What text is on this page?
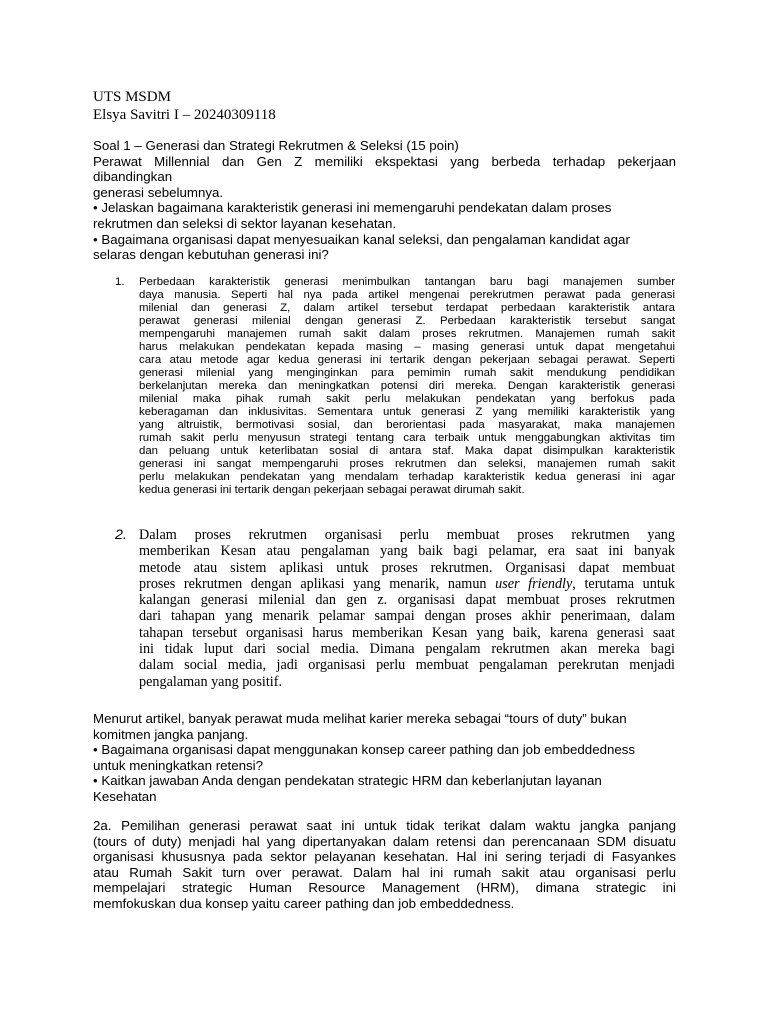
UTS MSDM
Elsya Savitri I – 20240309118
Soal 1 – Generasi dan Strategi Rekrutmen & Seleksi (15 poin)
Perawat Millennial dan Gen Z memiliki ekspektasi yang berbeda terhadap pekerjaan
dibandingkan
generasi sebelumnya.
• Jelaskan bagaimana karakteristik generasi ini memengaruhi pendekatan dalam proses
rekrutmen dan seleksi di sektor layanan kesehatan.
• Bagaimana organisasi dapat menyesuaikan kanal seleksi, dan pengalaman kandidat agar
selaras dengan kebutuhan generasi ini?
1. Perbedaan karakteristik generasi menimbulkan tantangan baru bagi manajemen sumber
daya manusia. Seperti hal nya pada artikel mengenai perekrutmen perawat pada generasi
milenial dan generasi Z, dalam artikel tersebut terdapat perbedaan karakteristik antara
perawat generasi milenial dengan generasi Z. Perbedaan karakteristik tersebut sangat
mempengaruhi manajemen rumah sakit dalam proses rekrutmen. Manajemen rumah sakit
harus melakukan pendekatan kepada masing – masing generasi untuk dapat mengetahui
cara atau metode agar kedua generasi ini tertarik dengan pekerjaan sebagai perawat. Seperti
generasi milenial yang menginginkan para pemimin rumah sakit mendukung pendidikan
berkelanjutan mereka dan meningkatkan potensi diri mereka. Dengan karakteristik generasi
milenial maka pihak rumah sakit perlu melakukan pendekatan yang berfokus pada
keberagaman dan inklusivitas. Sementara untuk generasi Z yang memiliki karakteristik yang
yang altruistik, bermotivasi sosial, dan berorientasi pada masyarakat, maka manajemen
rumah sakit perlu menyusun strategi tentang cara terbaik untuk menggabungkan aktivitas tim
dan peluang untuk keterlibatan sosial di antara staf. Maka dapat disimpulkan karakteristik
generasi ini sangat mempengaruhi proses rekrutmen dan seleksi, manajemen rumah sakit
perlu melakukan pendekatan yang mendalam terhadap karakteristik kedua generasi ini agar
kedua generasi ini tertarik dengan pekerjaan sebagai perawat dirumah sakit.
2. Dalam proses rekrutmen organisasi perlu membuat proses rekrutmen yang
memberikan Kesan atau pengalaman yang baik bagi pelamar, era saat ini banyak
metode atau sistem aplikasi untuk proses rekrutmen. Organisasi dapat membuat
proses rekrutmen dengan aplikasi yang menarik, namun user friendly, terutama untuk
kalangan generasi milenial dan gen z. organisasi dapat membuat proses rekrutmen
dari tahapan yang menarik pelamar sampai dengan proses akhir penerimaan, dalam
tahapan tersebut organisasi harus memberikan Kesan yang baik, karena generasi saat
ini tidak luput dari social media. Dimana pengalam rekrutmen akan mereka bagi
dalam social media, jadi organisasi perlu membuat pengalaman perekrutan menjadi
pengalaman yang positif.
Menurut artikel, banyak perawat muda melihat karier mereka sebagai “tours of duty” bukan
komitmen jangka panjang.
• Bagaimana organisasi dapat menggunakan konsep career pathing dan job embeddedness
untuk meningkatkan retensi?
• Kaitkan jawaban Anda dengan pendekatan strategic HRM dan keberlanjutan layanan
Kesehatan
2a. Pemilihan generasi perawat saat ini untuk tidak terikat dalam waktu jangka panjang
(tours of duty) menjadi hal yang dipertanyakan dalam retensi dan perencanaan SDM disuatu
organisasi khususnya pada sektor pelayanan kesehatan. Hal ini sering terjadi di Fasyankes
atau Rumah Sakit turn over perawat. Dalam hal ini rumah sakit atau organisasi perlu
mempelajari strategic Human Resource Management (HRM), dimana strategic ini
memfokuskan dua konsep yaitu career pathing dan job embeddedness.
